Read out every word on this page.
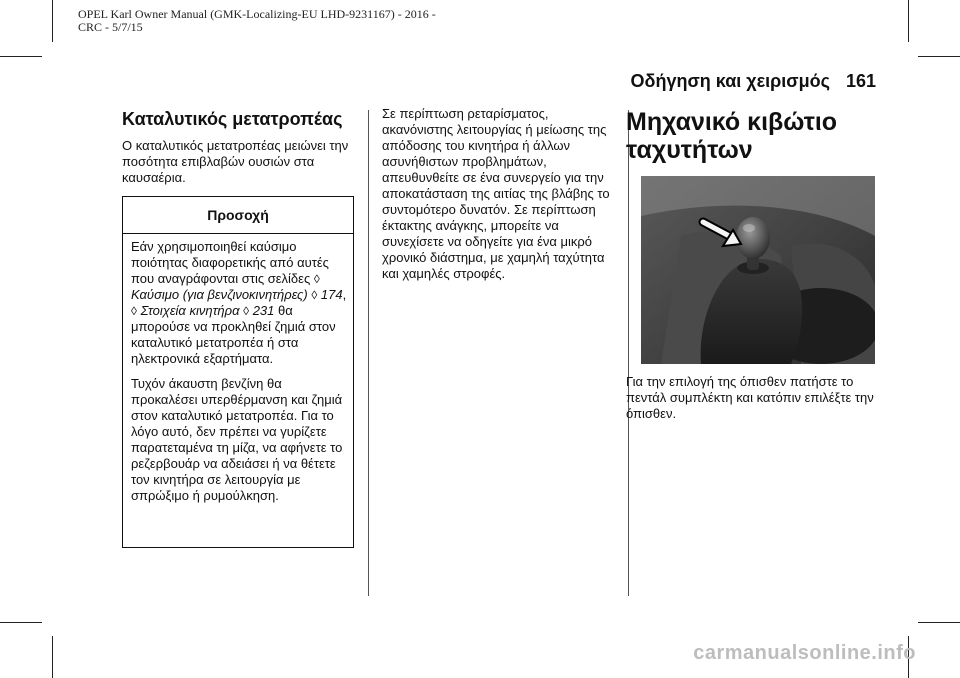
OPEL Karl Owner Manual (GMK-Localizing-EU LHD-9231167) - 2016 -
CRC - 5/7/15
Οδήγηση και χειρισμός 161
Καταλυτικός μετατροπέας
Ο καταλυτικός μετατροπέας μειώνει την ποσότητα επιβλαβών ουσιών στα καυσαέρια.
Προσοχή

Εάν χρησιμοποιηθεί καύσιμο ποιότητας διαφορετικής από αυτές που αναγράφονται στις σελίδες ◊ Καύσιμο (για βενζινοκινητήρες) ◊ 174, ◊ Στοιχεία κινητήρα ◊ 231 θα μπορούσε να προκληθεί ζημιά στον καταλυτικό μετατροπέα ή στα ηλεκτρονικά εξαρτήματα.

Τυχόν άκαυστη βενζίνη θα προκαλέσει υπερθέρμανση και ζημιά στον καταλυτικό μετατροπέα. Για το λόγο αυτό, δεν πρέπει να γυρίζετε παρατεταμένα τη μίζα, να αφήνετε το ρεζερβουάρ να αδειάσει ή να θέτετε τον κινητήρα σε λειτουργία με σπρώξιμο ή ρυμούλκηση.

Σε περίπτωση ρεταρίσματος, ακανόνιστης λειτουργίας ή μείωσης της απόδοσης του κινητήρα ή άλλων ασυνήθιστων προβλημάτων, απευθυνθείτε σε ένα συνεργείο για την αποκατάσταση της αιτίας της βλάβης το συντομότερο δυνατόν. Σε περίπτωση έκτακτης ανάγκης, μπορείτε να συνεχίσετε να οδηγείτε για ένα μικρό χρονικό διάστημα, με χαμηλή ταχύτητα και χαμηλές στροφές.
Μηχανικό κιβώτιο ταχυτήτων
Για την επιλογή της όπισθεν πατήστε το πεντάλ συμπλέκτη και κατόπιν επιλέξτε την όπισθεν.
carmanualsonline.info
